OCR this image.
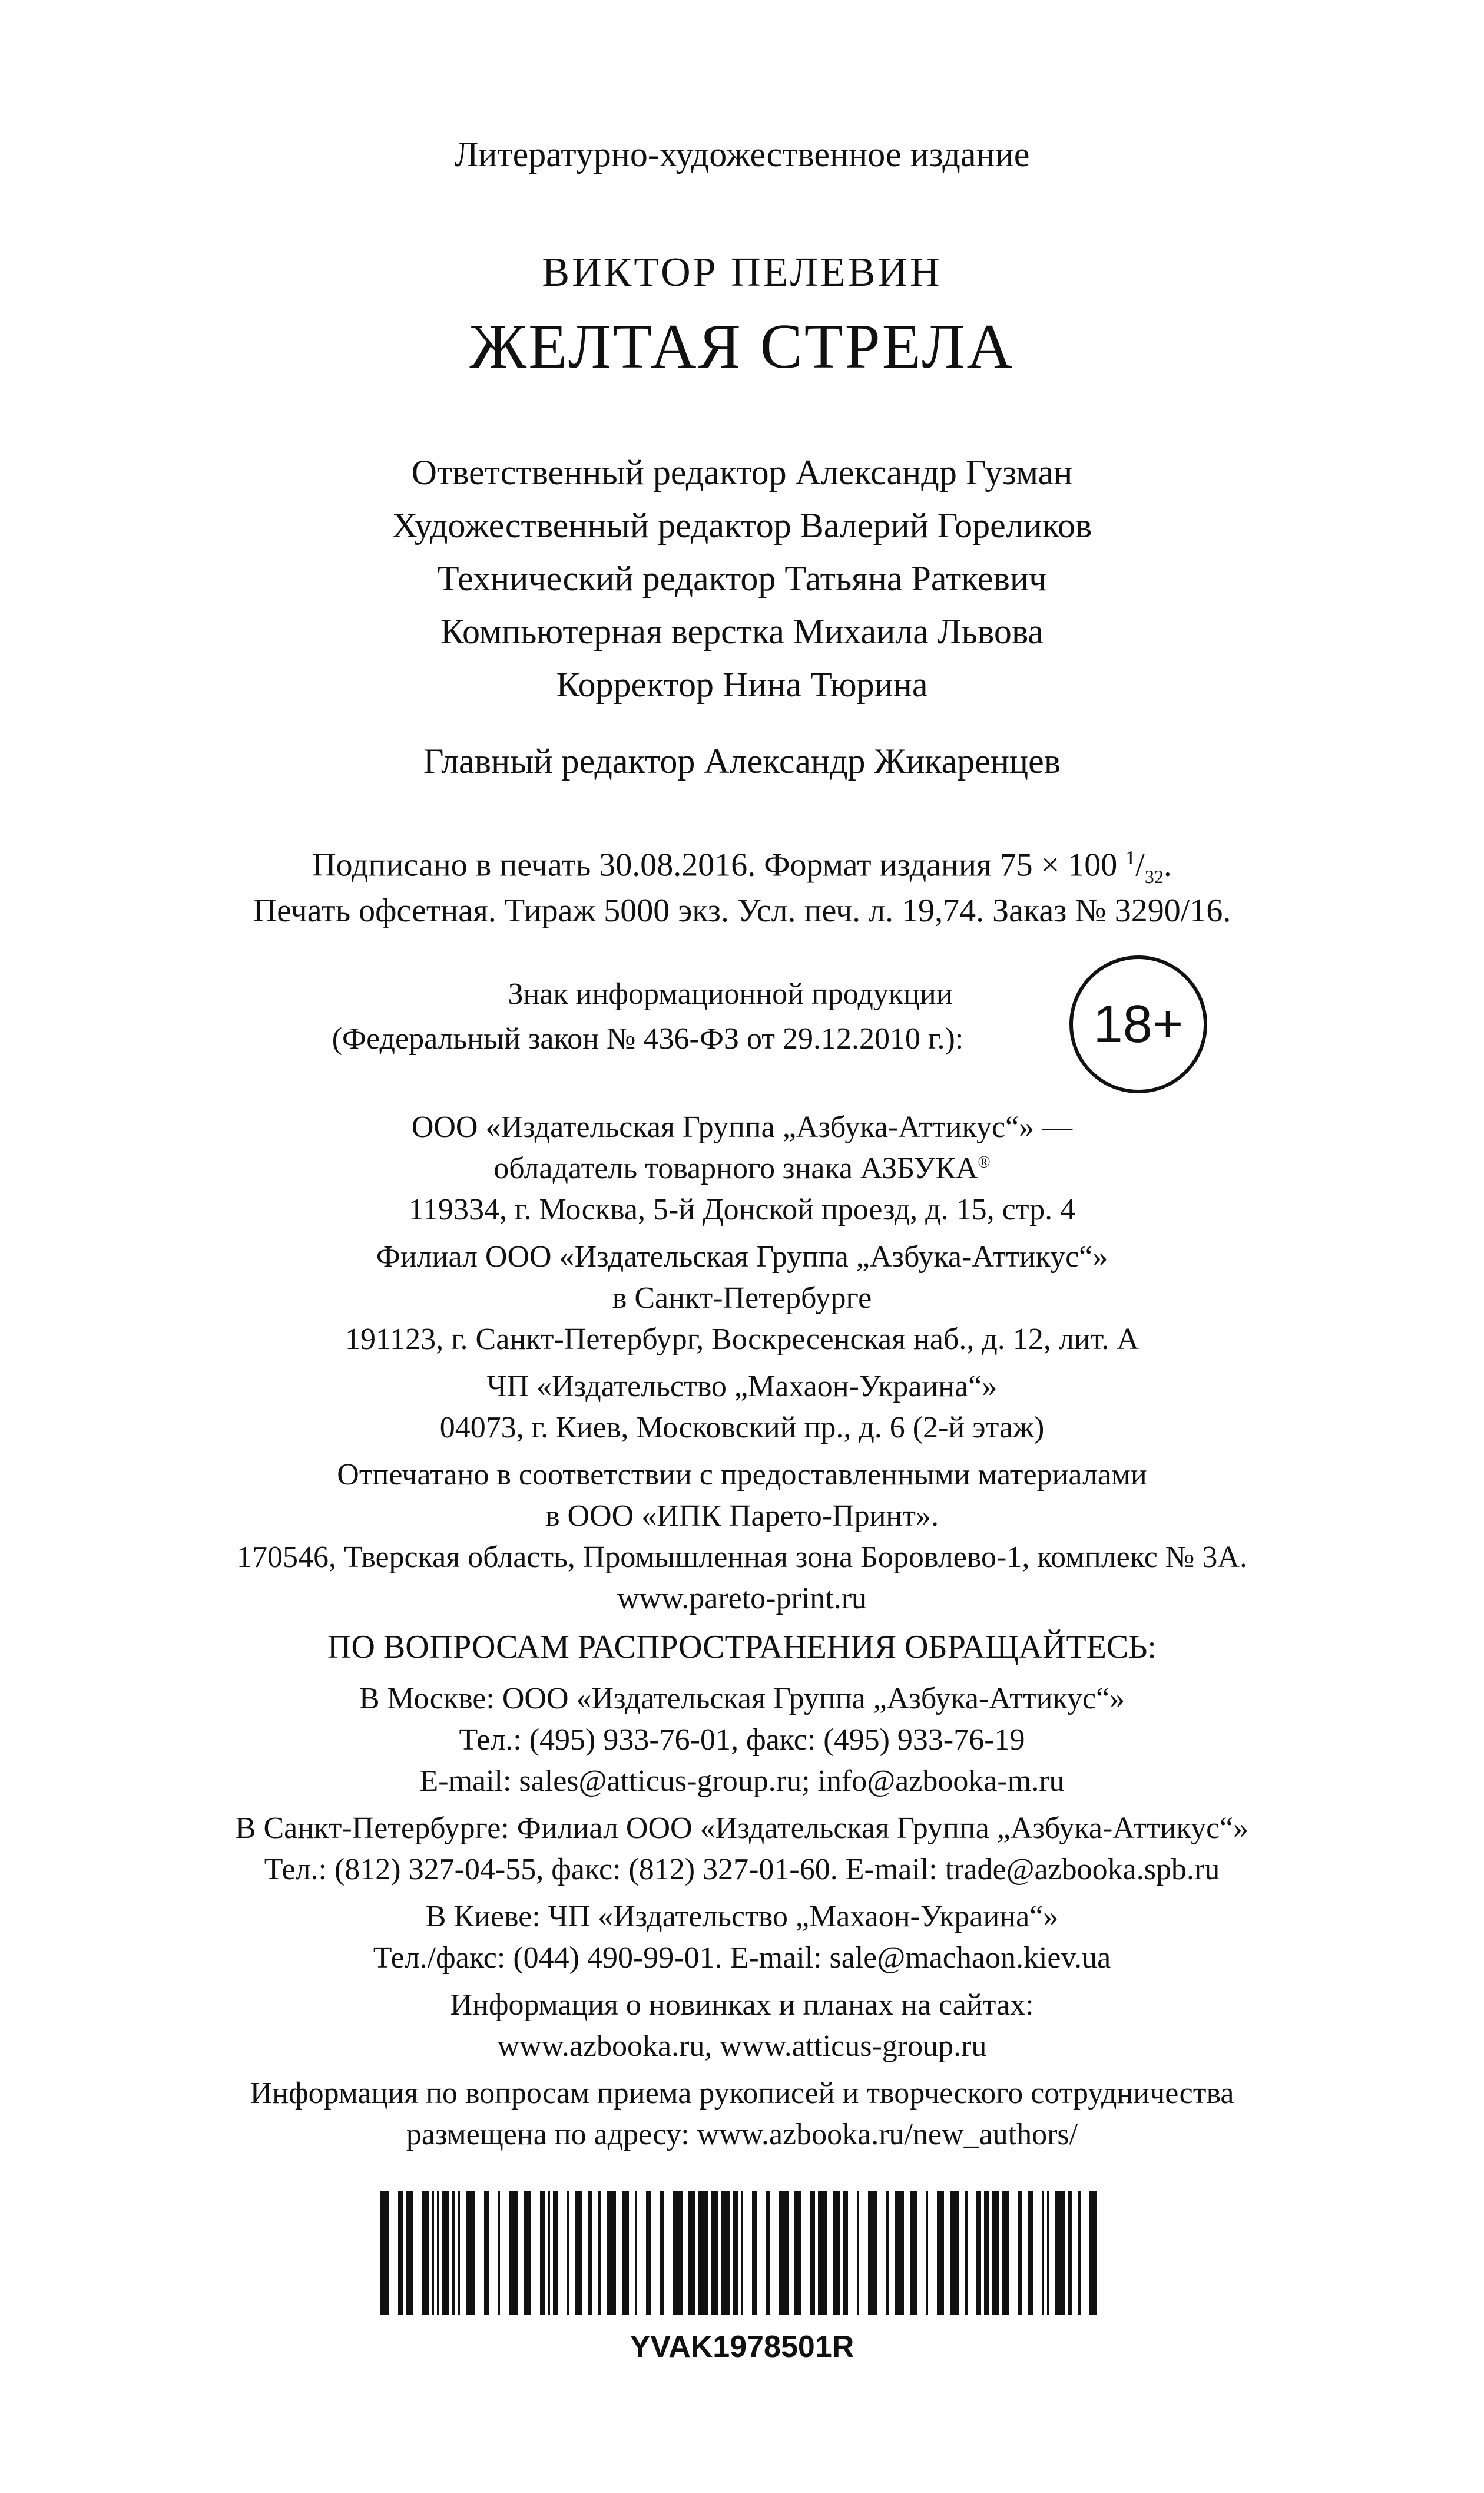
Литературно-художественное издание
ВИКТОР ПЕЛЕВИН
ЖЕЛТАЯ СТРЕЛА
Ответственный редактор Александр Гузман
Художественный редактор Валерий Гореликов
Технический редактор Татьяна Раткевич
Компьютерная верстка Михаила Львова
Корректор Нина Тюрина
Главный редактор Александр Жикаренцев
Подписано в печать 30.08.2016. Формат издания 75 × 100 $^1/_{32}$.
Печать офсетная. Тираж 5000 экз. Усл. печ. л. 19,74. Заказ № 3290/16.
Знак информационной продукции
(Федеральный закон № 436-ФЗ от 29.12.2010 г.):	18+
ООО «Издательская Группа „Азбука-Аттикус“» —
обладатель товарного знака АЗБУКА®
119334, г. Москва, 5-й Донской проезд, д. 15, стр. 4
Филиал ООО «Издательская Группа „Азбука-Аттикус“»
в Санкт-Петербурге
191123, г. Санкт-Петербург, Воскресенская наб., д. 12, лит. А
ЧП «Издательство „Махаон-Украина“»
04073, г. Киев, Московский пр., д. 6 (2-й этаж)
Отпечатано в соответствии с предоставленными материалами
в ООО «ИПК Парето-Принт».
170546, Тверская область, Промышленная зона Боровлево-1, комплекс № 3А.
www.pareto-print.ru
ПО ВОПРОСАМ РАСПРОСТРАНЕНИЯ ОБРАЩАЙТЕСЬ:
В Москве: ООО «Издательская Группа „Азбука-Аттикус“»
Тел.: (495) 933-76-01, факс: (495) 933-76-19
E-mail: sales@atticus-group.ru; info@azbooka-m.ru
В Санкт-Петербурге: Филиал ООО «Издательская Группа „Азбука-Аттикус“»
Тел.: (812) 327-04-55, факс: (812) 327-01-60. E-mail: trade@azbooka.spb.ru
В Киеве: ЧП «Издательство „Махаон-Украина“»
Тел./факс: (044) 490-99-01. E-mail: sale@machaon.kiev.ua
Информация о новинках и планах на сайтах:
www.azbooka.ru, www.atticus-group.ru
Информация по вопросам приема рукописей и творческого сотрудничества
размещена по адресу: www.azbooka.ru/new_authors/
YVAK1978501R
